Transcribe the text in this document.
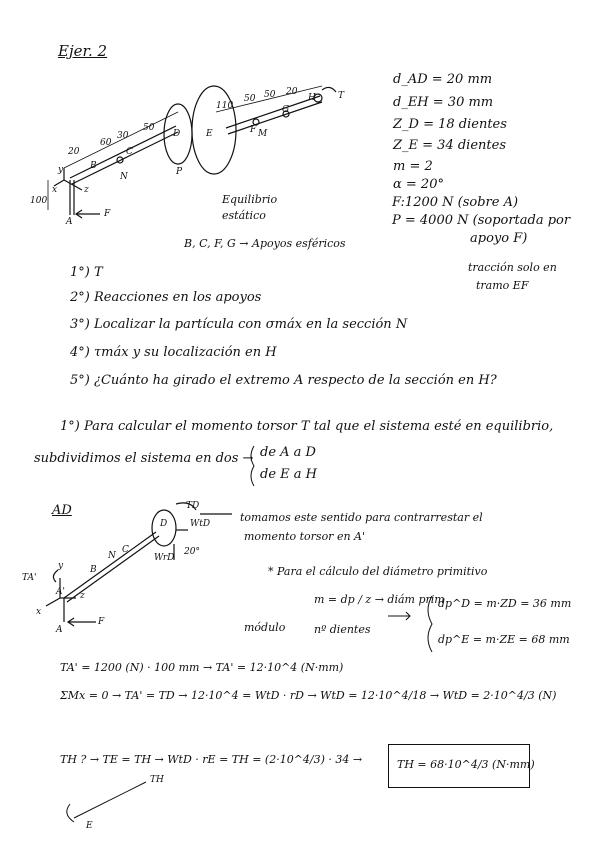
Ejer. 2
d_AD = 20 mm
d_EH = 30 mm
Z_D = 18 dientes
Z_E = 34 dientes
m = 2
α = 20°
F:1200 N (sobre A)
P = 4000 N (soportada por
apoyo F)
tracción solo en
tramo EF
20
60
30
50
110
50 50 20
100
x
y
z
B
C
N
D	E
P
F
G
M
H T
A
F
Equilibrio
estático
B, C, F, G → Apoyos esféricos
1°) T
2°) Reacciones en los apoyos
3°) Localizar la partícula con σmáx en la sección N
4°) τmáx y su localización en H
5°) ¿Cuánto ha girado el extremo A respecto de la sección en H?
1°) Para calcular el momento torsor T tal que el sistema esté en equilibrio,
subdividimos el sistema en dos → de A a D
de E a H
AD	TD
WtD
WrD
20°
TA'
y
A' z
x
B
C
N
A
F
D	tomamos este sentido para contrarrestar el
momento torsor en A'
* Para el cálculo del diámetro primitivo
m = dp / z → diám prim
módulo	nº dientes
dp^D = m·ZD = 36 mm
dp^E = m·ZE = 68 mm
TA' = 1200 (N) · 100 mm → TA' = 12·10^4 (N·mm)
ΣMx = 0 → TA' = TD → 12·10^4 = WtD · rD → WtD = 12·10^4/18 → WtD = 2·10^4/3 (N)
TH ? → TE = TH → WtD · rE = TH = (2·10^4/3) · 34 →	TH = 68·10^4/3 (N·mm)
TH
E
